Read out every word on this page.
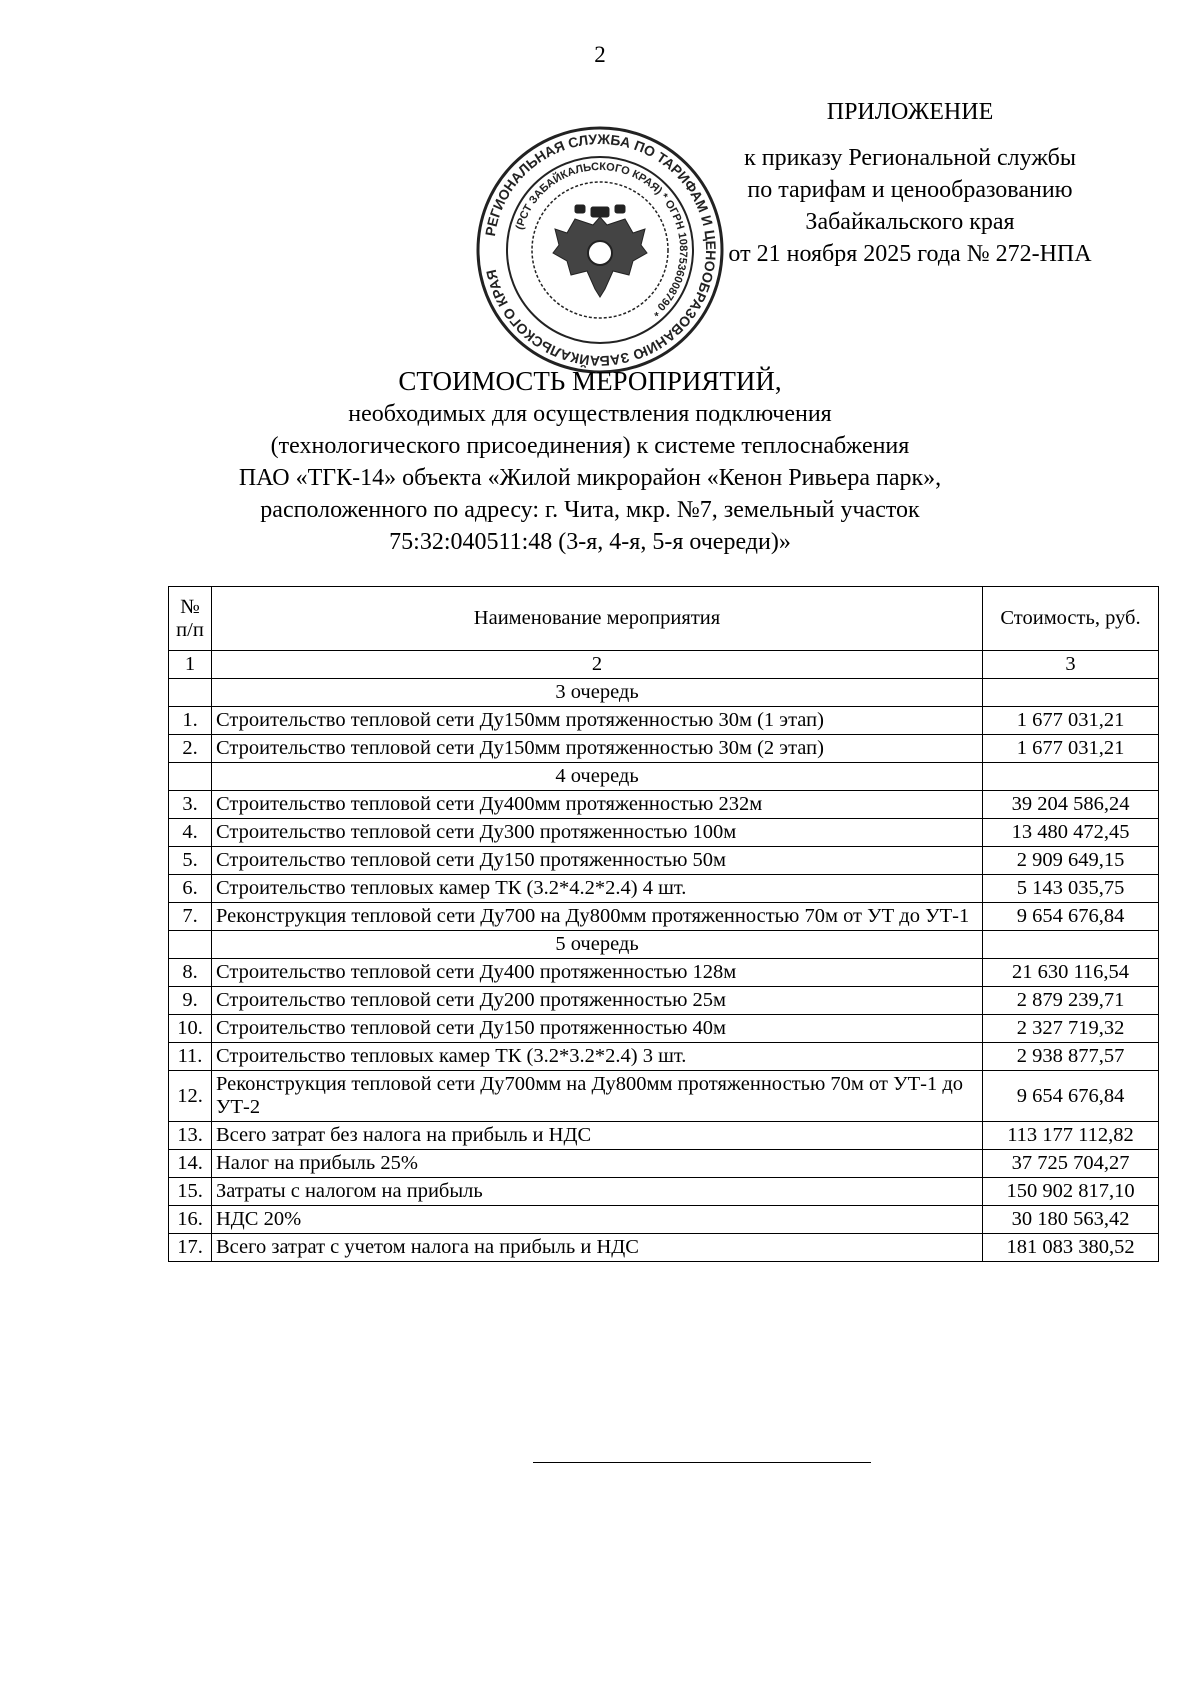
2
РЕГИОНАЛЬНАЯ СЛУЖБА ПО ТАРИФАМ И ЦЕНООБРАЗОВАНИЮ ЗАБАЙКАЛЬСКОГО КРАЯ
(РСТ ЗАБАЙКАЛЬСКОГО КРАЯ) * ОГРН 1087536008790 *
ПРИЛОЖЕНИЕ
к приказу Региональной службы
по тарифам и ценообразованию
Забайкальского края
от 21 ноября 2025 года № 272-НПА
СТОИМОСТЬ МЕРОПРИЯТИЙ,
необходимых для осуществления подключения
(технологического присоединения) к системе теплоснабжения
ПАО «ТГК-14» объекта «Жилой микрорайон «Кенон Ривьера парк»,
расположенного по адресу: г. Чита, мкр. №7, земельный участок
75:32:040511:48 (3-я, 4-я, 5-я очереди)»
№ п/п	Наименование мероприятия	Стоимость, руб.
1	2	3
	3 очередь	
1.	Строительство тепловой сети Ду150мм протяженностью 30м (1 этап)	1 677 031,21
2.	Строительство тепловой сети Ду150мм протяженностью 30м (2 этап)	1 677 031,21
	4 очередь	
3.	Строительство тепловой сети Ду400мм протяженностью 232м	39 204 586,24
4.	Строительство тепловой сети Ду300 протяженностью 100м	13 480 472,45
5.	Строительство тепловой сети Ду150 протяженностью 50м	2 909 649,15
6.	Строительство тепловых камер ТК (3.2*4.2*2.4) 4 шт.	5 143 035,75
7.	Реконструкция тепловой сети Ду700 на Ду800мм протяженностью 70м от УТ до УТ-1	9 654 676,84
	5 очередь	
8.	Строительство тепловой сети Ду400 протяженностью 128м	21 630 116,54
9.	Строительство тепловой сети Ду200 протяженностью 25м	2 879 239,71
10.	Строительство тепловой сети Ду150 протяженностью 40м	2 327 719,32
11.	Строительство тепловых камер ТК (3.2*3.2*2.4) 3 шт.	2 938 877,57
12.	Реконструкция тепловой сети Ду700мм на Ду800мм протяженностью 70м от УТ-1 до УТ-2	9 654 676,84
13.	Всего затрат без налога на прибыль и НДС	113 177 112,82
14.	Налог на прибыль 25%	37 725 704,27
15.	Затраты с налогом на прибыль	150 902 817,10
16.	НДС 20%	30 180 563,42
17.	Всего затрат с учетом налога на прибыль и НДС	181 083 380,52
